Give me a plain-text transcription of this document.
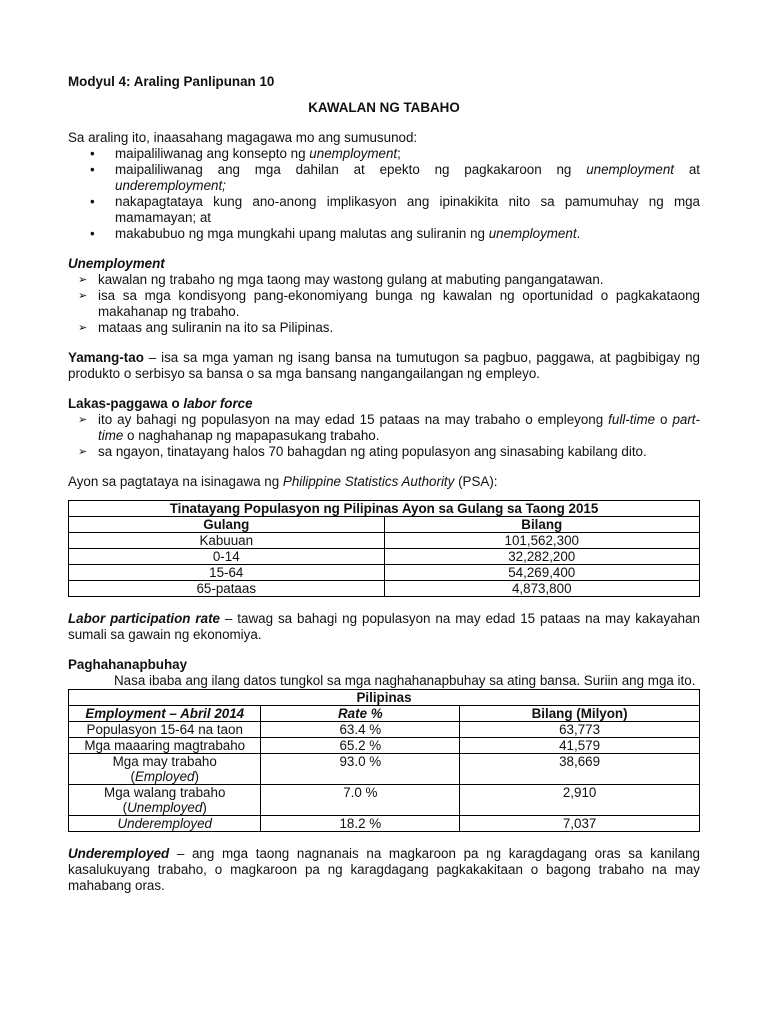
Modyul 4: Araling Panlipunan 10

KAWALAN NG TABAHO

Sa araling ito, inaasahang magagawa mo ang sumusunod:

• maipaliliwanag ang konsepto ng unemployment;
• maipaliliwanag ang mga dahilan at epekto ng pagkakaroon ng unemployment at underemployment;
• nakapagtataya kung ano-anong implikasyon ang ipinakikita nito sa pamumuhay ng mga mamamayan; at
• makabubuo ng mga mungkahi upang malutas ang suliranin ng unemployment.

Unemployment

➢ kawalan ng trabaho ng mga taong may wastong gulang at mabuting pangangatawan.
➢ isa sa mga kondisyong pang-ekonomiyang bunga ng kawalan ng oportunidad o pagkakataong makahanap ng trabaho.
➢ mataas ang suliranin na ito sa Pilipinas.

Yamang-tao – isa sa mga yaman ng isang bansa na tumutugon sa pagbuo, paggawa, at pagbibigay ng produkto o serbisyo sa bansa o sa mga bansang nangangailangan ng empleyo.

Lakas-paggawa o labor force

➢ ito ay bahagi ng populasyon na may edad 15 pataas na may trabaho o empleyong full-time o part-time o naghahanap ng mapapasukang trabaho.
➢ sa ngayon, tinatayang halos 70 bahagdan ng ating populasyon ang sinasabing kabilang dito.

Ayon sa pagtataya na isinagawa ng Philippine Statistics Authority (PSA):

Tinatayang Populasyon ng Pilipinas Ayon sa Gulang sa Taong 2015	
Gulang	Bilang
Kabuuan	101,562,300
0-14	32,282,200
15-64	54,269,400
65-pataas	4,873,800

Labor participation rate – tawag sa bahagi ng populasyon na may edad 15 pataas na may kakayahan sumali sa gawain ng ekonomiya.

Paghahanapbuhay

Nasa ibaba ang ilang datos tungkol sa mga naghahanapbuhay sa ating bansa. Suriin ang mga ito.

Pilipinas		
Employment – Abril 2014	Rate %	Bilang (Milyon)
Populasyon 15-64 na taon	63.4 %	63,773
Mga maaaring magtrabaho	65.2 %	41,579
Mga may trabaho
(Employed)	93.0 %	38,669
Mga walang trabaho
(Unemployed)	7.0 %	2,910
Underemployed	18.2 %	7,037

Underemployed – ang mga taong nagnanais na magkaroon pa ng karagdagang oras sa kanilang kasalukuyang trabaho, o magkaroon pa ng karagdagang pagkakakitaan o bagong trabaho na may mahabang oras.
